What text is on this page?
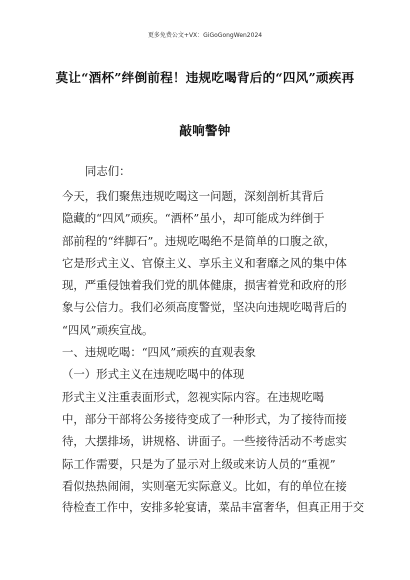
更多免费公文+VX：GiGoGongWen2024
莫让“酒杯”绊倒前程！违规吃喝背后的“四风”顽疾再
敲响警钟
同志们：
今天，我们聚焦违规吃喝这一问题，深刻剖析其背后
隐藏的“四风”顽疾。“酒杯”虽小，却可能成为绊倒于
部前程的“绊脚石”。违规吃喝绝不是简单的口腹之欲，
它是形式主义、官僚主义、享乐主义和奢靡之风的集中体
现，严重侵蚀着我们党的肌体健康，损害着党和政府的形
象与公信力。我们必须高度警觉，坚决向违规吃喝背后的
“四风”顽疾宣战。
一、违规吃喝：“四风”顽疾的直观表象
（一）形式主义在违规吃喝中的体现
形式主义注重表面形式，忽视实际内容。在违规吃喝
中，部分干部将公务接待变成了一种形式，为了接待而接
待，大摆排场，讲规格、讲面子。一些接待活动不考虑实
际工作需要，只是为了显示对上级或来访人员的“重视”
看似热热闹闹，实则毫无实际意义。比如，有的单位在接
待检查工作中，安排多轮宴请，菜品丰富奢华，但真正用于交
